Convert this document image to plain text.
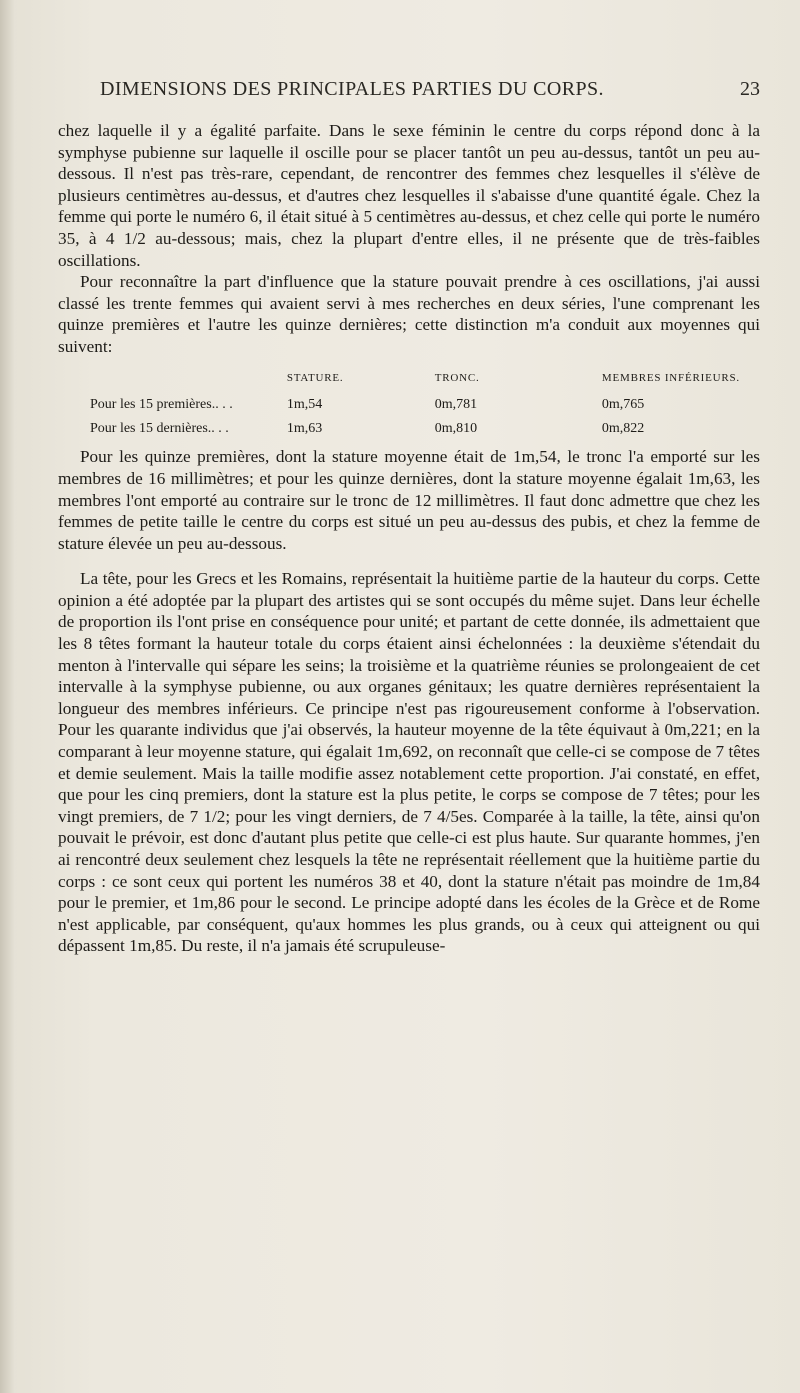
DIMENSIONS DES PRINCIPALES PARTIES DU CORPS.	23

chez laquelle il y a égalité parfaite. Dans le sexe féminin le centre du corps répond donc à la symphyse pubienne sur laquelle il oscille pour se placer tantôt un peu au-dessus, tantôt un peu au-dessous. Il n'est pas très-rare, cependant, de rencontrer des femmes chez lesquelles il s'élève de plusieurs centimètres au-dessus, et d'autres chez lesquelles il s'abaisse d'une quantité égale. Chez la femme qui porte le numéro 6, il était situé à 5 centimètres au-dessus, et chez celle qui porte le numéro 35, à 4 1/2 au-dessous; mais, chez la plupart d'entre elles, il ne présente que de très-faibles oscillations.

Pour reconnaître la part d'influence que la stature pouvait prendre à ces oscillations, j'ai aussi classé les trente femmes qui avaient servi à mes recherches en deux séries, l'une comprenant les quinze premières et l'autre les quinze dernières; cette distinction m'a conduit aux moyennes qui suivent:

	STATURE.	TRONC.	MEMBRES INFÉRIEURS.
Pour les 15 premières.. . .	1m,54	0m,781	0m,765
Pour les 15 dernières.. . .	1m,63	0m,810	0m,822

Pour les quinze premières, dont la stature moyenne était de 1m,54, le tronc l'a emporté sur les membres de 16 millimètres; et pour les quinze dernières, dont la stature moyenne égalait 1m,63, les membres l'ont emporté au contraire sur le tronc de 12 millimètres. Il faut donc admettre que chez les femmes de petite taille le centre du corps est situé un peu au-dessus des pubis, et chez la femme de stature élevée un peu au-dessous.

La tête, pour les Grecs et les Romains, représentait la huitième partie de la hauteur du corps. Cette opinion a été adoptée par la plupart des artistes qui se sont occupés du même sujet. Dans leur échelle de proportion ils l'ont prise en conséquence pour unité; et partant de cette donnée, ils admettaient que les 8 têtes formant la hauteur totale du corps étaient ainsi échelonnées : la deuxième s'étendait du menton à l'intervalle qui sépare les seins; la troisième et la quatrième réunies se prolongeaient de cet intervalle à la symphyse pubienne, ou aux organes génitaux; les quatre dernières représentaient la longueur des membres inférieurs. Ce principe n'est pas rigoureusement conforme à l'observation. Pour les quarante individus que j'ai observés, la hauteur moyenne de la tête équivaut à 0m,221; en la comparant à leur moyenne stature, qui égalait 1m,692, on reconnaît que celle-ci se compose de 7 têtes et demie seulement. Mais la taille modifie assez notablement cette proportion. J'ai constaté, en effet, que pour les cinq premiers, dont la stature est la plus petite, le corps se compose de 7 têtes; pour les vingt premiers, de 7 1/2; pour les vingt derniers, de 7 4/5es. Comparée à la taille, la tête, ainsi qu'on pouvait le prévoir, est donc d'autant plus petite que celle-ci est plus haute. Sur quarante hommes, j'en ai rencontré deux seulement chez lesquels la tête ne représentait réellement que la huitième partie du corps : ce sont ceux qui portent les numéros 38 et 40, dont la stature n'était pas moindre de 1m,84 pour le premier, et 1m,86 pour le second. Le principe adopté dans les écoles de la Grèce et de Rome n'est applicable, par conséquent, qu'aux hommes les plus grands, ou à ceux qui atteignent ou qui dépassent 1m,85. Du reste, il n'a jamais été scrupuleuse-
